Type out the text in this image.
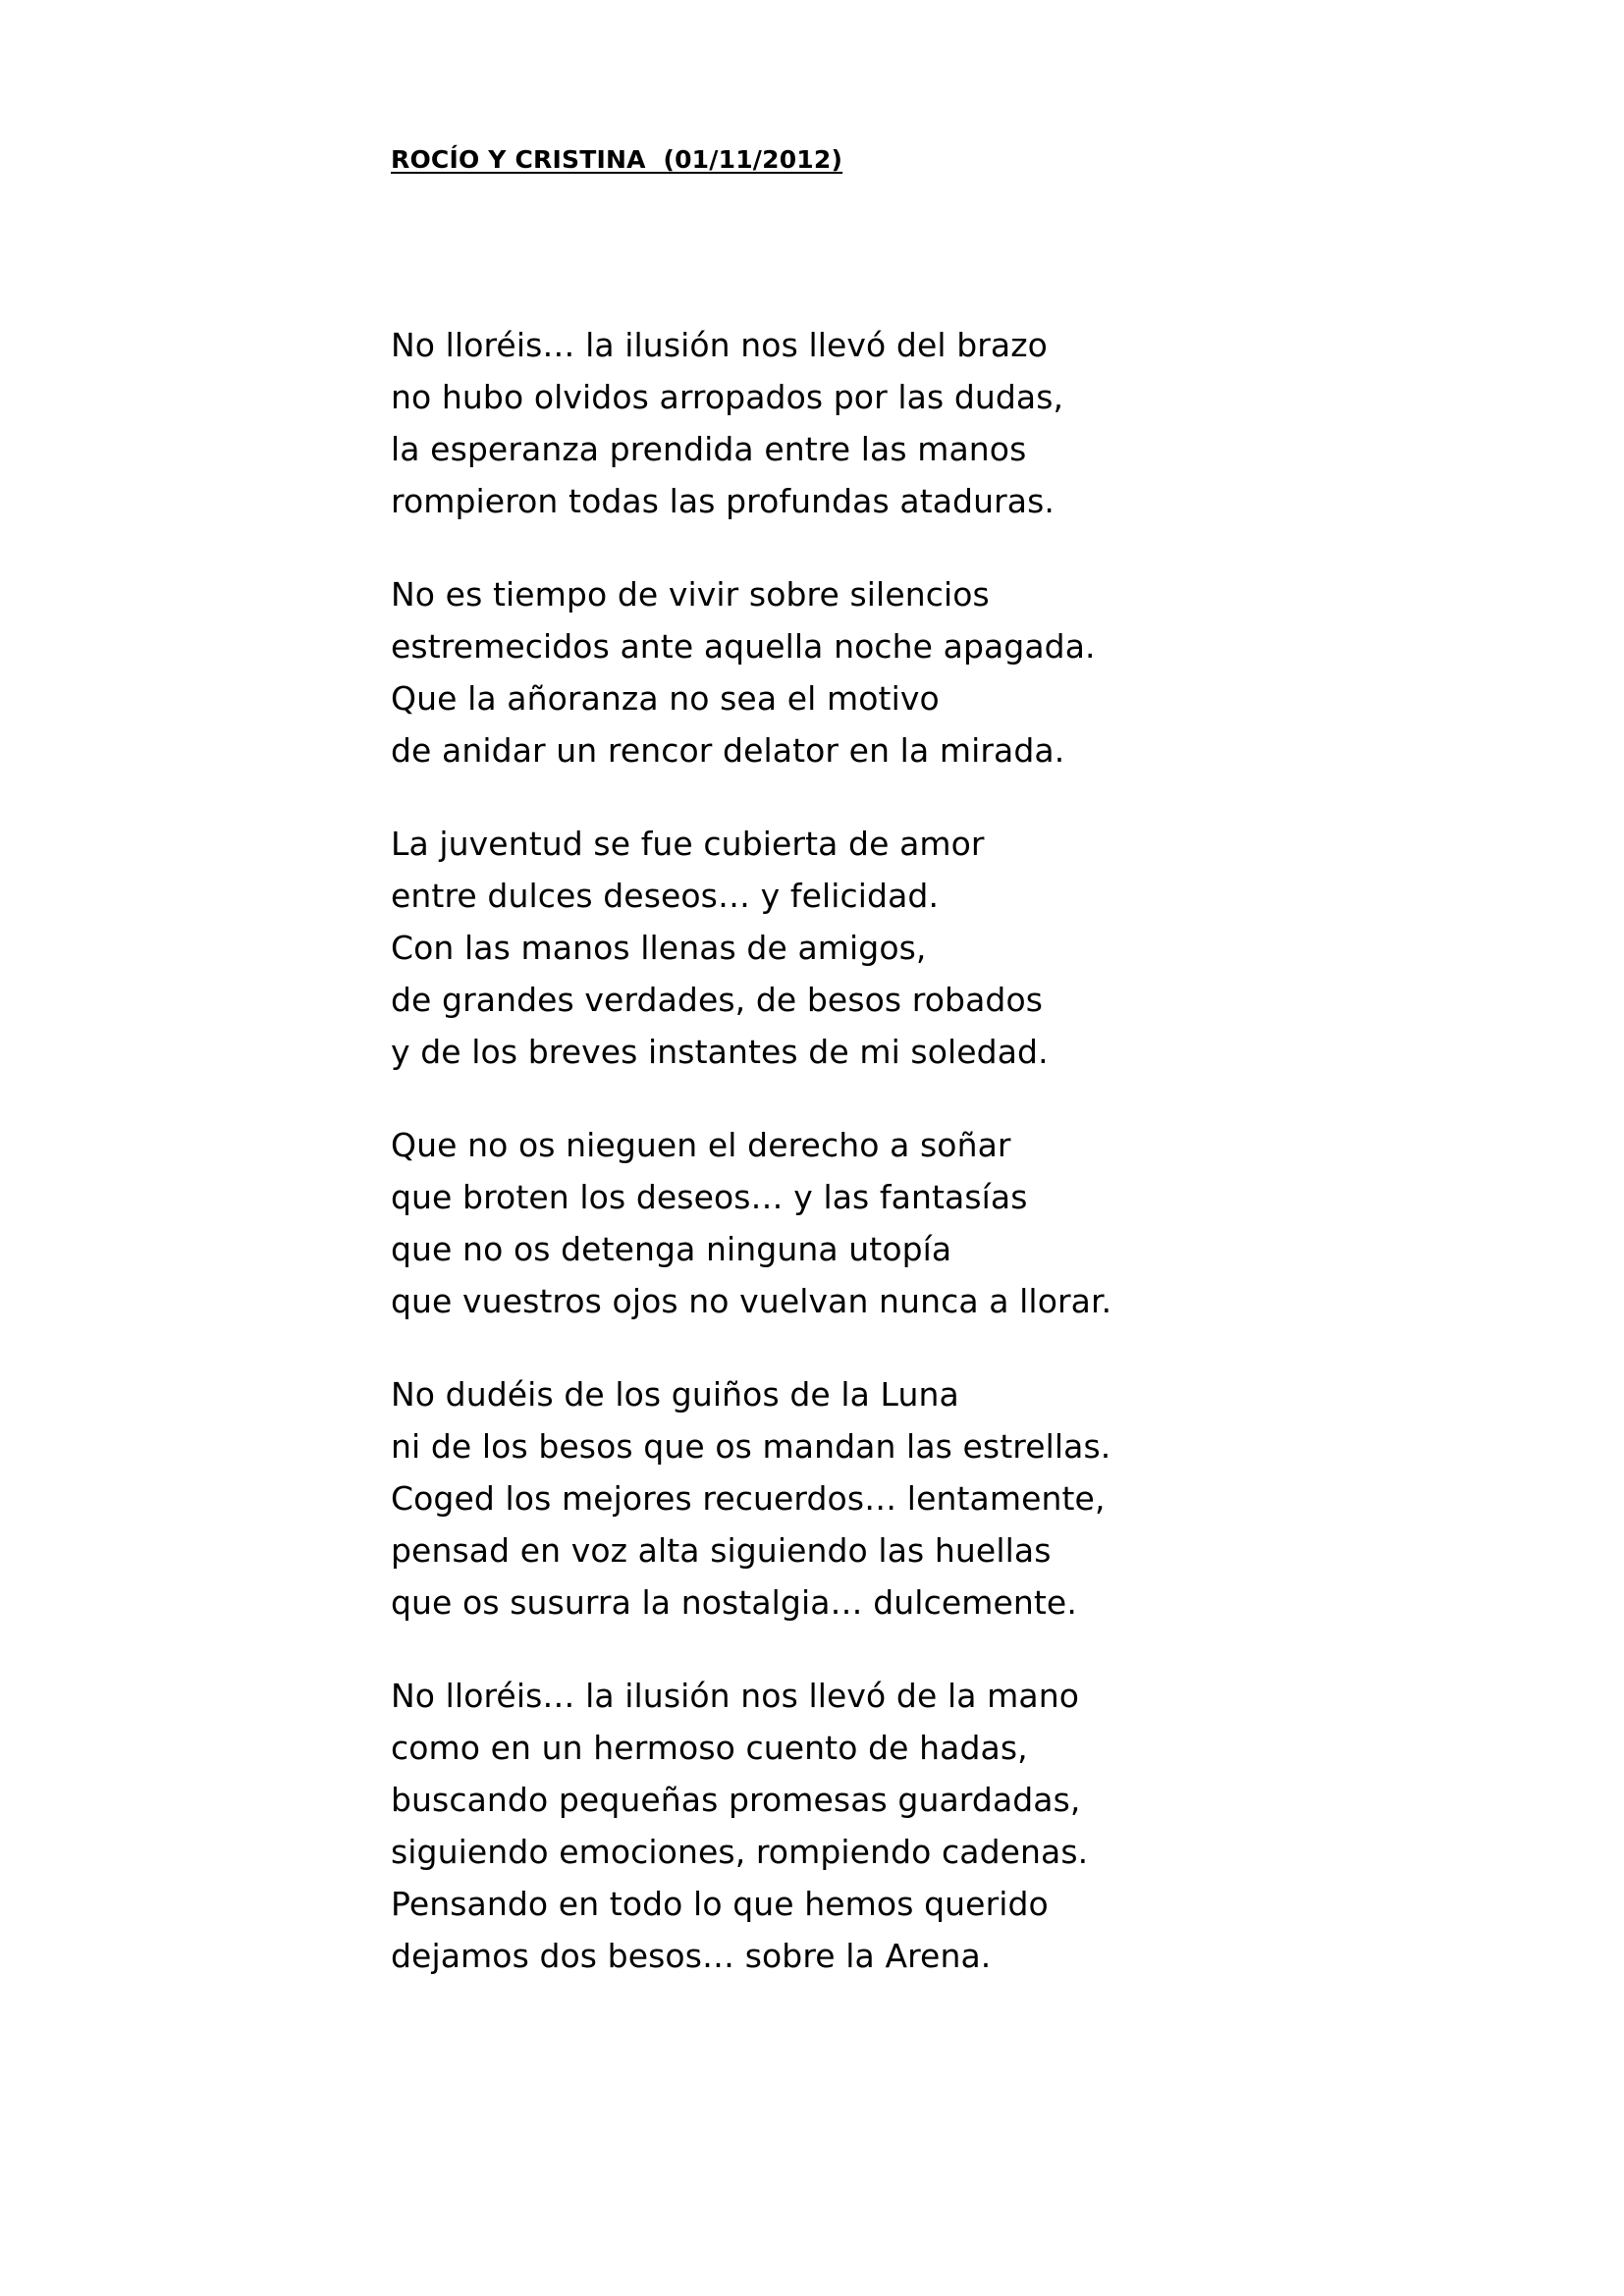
ROCÍO Y CRISTINA  (01/11/2012)
No lloréis… la ilusión nos llevó del brazo
no hubo olvidos arropados por las dudas,
la esperanza prendida entre las manos
rompieron todas las profundas ataduras.
No es tiempo de vivir sobre silencios
estremecidos ante aquella noche apagada.
Que la añoranza no sea el motivo
de anidar un rencor delator en la mirada.
La juventud se fue cubierta de amor
entre dulces deseos… y felicidad.
Con las manos llenas de amigos,
de grandes verdades, de besos robados
y de los breves instantes de mi soledad.
Que no os nieguen el derecho a soñar
que broten los deseos… y las fantasías
que no os detenga ninguna utopía
que vuestros ojos no vuelvan nunca a llorar.
No dudéis de los guiños de la Luna
ni de los besos que os mandan las estrellas.
Coged los mejores recuerdos… lentamente,
pensad en voz alta siguiendo las huellas
que os susurra la nostalgia… dulcemente.
No lloréis… la ilusión nos llevó de la mano
como en un hermoso cuento de hadas,
buscando pequeñas promesas guardadas,
siguiendo emociones, rompiendo cadenas.
Pensando en todo lo que hemos querido
dejamos dos besos… sobre la Arena.
